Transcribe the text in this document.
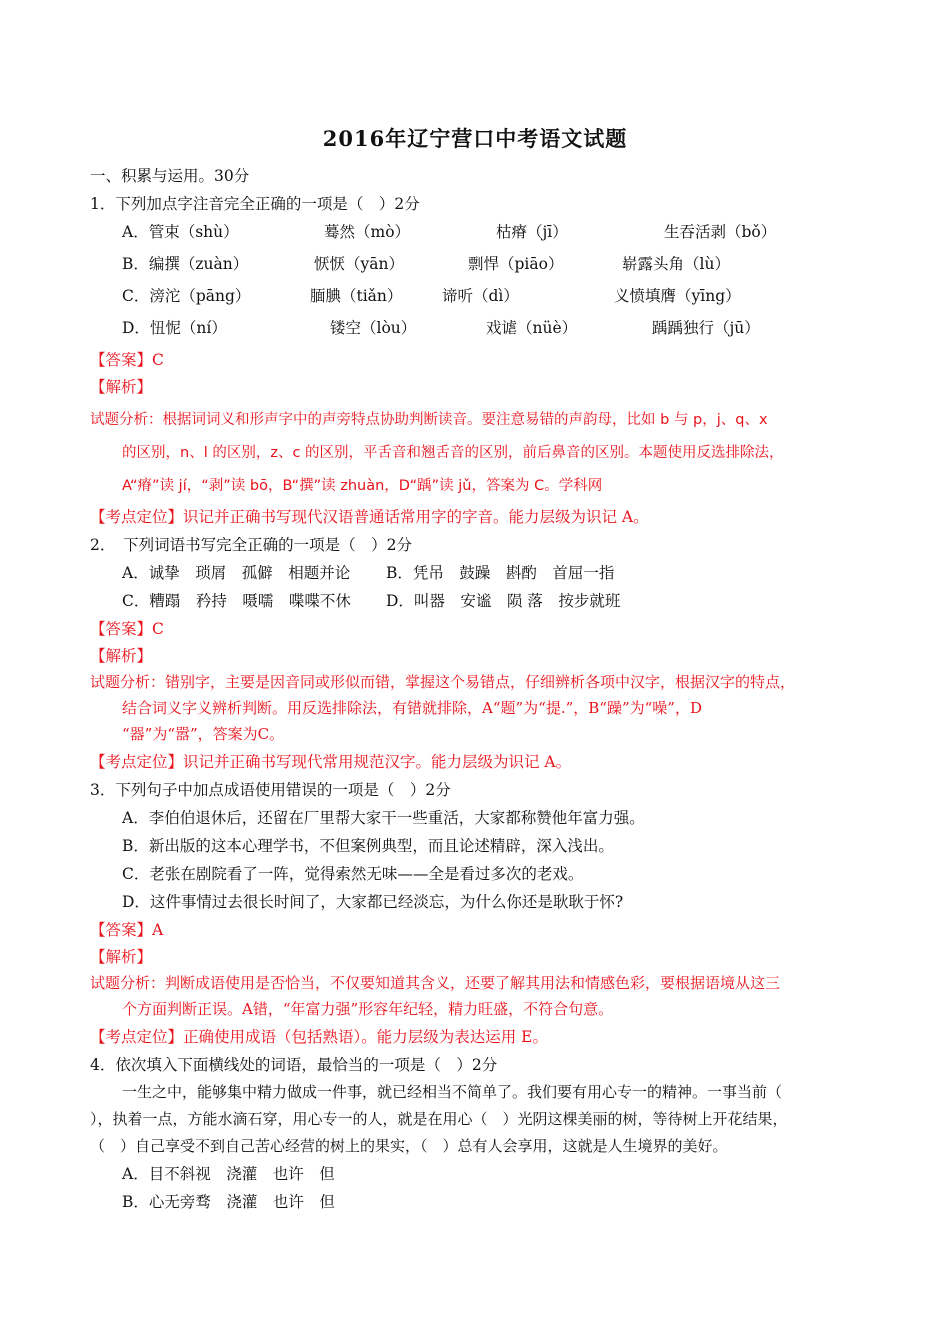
2016年辽宁营口中考语文试题
一、积累与运用。30分
1．下列加点字注音完全正确的一项是（　）2分
A．管束（shù）	蓦然（mò）	枯瘠（jī）	生吞活剥（bǒ）
B．编撰（zuàn）	恹恹（yān）	剽悍（piāo）	崭露头角（lù）
C．滂沱（pāng）	腼腆（tiǎn）	谛听（dì）	义愤填膺（yīng）
D．忸怩（ní）	镂空（lòu）	戏谑（nüè）	踽踽独行（jū）
【答案】C
【解析】
试题分析：根据词词义和形声字中的声旁特点协助判断读音。要注意易错的声韵母，比如 b 与 p，j、q、x
的区别，n、l 的区别，z、c 的区别，平舌音和翘舌音的区别，前后鼻音的区别。本题使用反选排除法，
A“瘠”读 jí，“剥”读 bō，B“撰”读 zhuàn，D“踽”读 jǔ，答案为 C。学科网
【考点定位】识记并正确书写现代汉语普通话常用字的字音。能力层级为识记 A。
2．　下列词语书写完全正确的一项是（　）2分
A．诚挚　琐屑　孤僻　相题并论 B．凭吊　鼓躁　斟酌　首屈一指
C．糟蹋　矜持　嗫嚅　喋喋不休 D．叫器　安谧　陨 落　按步就班
【答案】C
【解析】
试题分析：错别字，主要是因音同或形似而错，掌握这个易错点，仔细辨析各项中汉字，根据汉字的特点，
结合词义字义辨析判断。用反选排除法，有错就排除，A“题”为“提.”，B“躁”为“噪”，D
“器”为“嚣”，答案为C。
【考点定位】识记并正确书写现代常用规范汉字。能力层级为识记 A。
3．下列句子中加点成语使用错误的一项是（　）2分
A．李伯伯退休后，还留在厂里帮大家干一些重活，大家都称赞他年富力强。
B．新出版的这本心理学书，不但案例典型，而且论述精辟，深入浅出。
C．老张在剧院看了一阵，觉得索然无味——全是看过多次的老戏。
D．这件事情过去很长时间了，大家都已经淡忘，为什么你还是耿耿于怀?
【答案】A
【解析】
试题分析：判断成语使用是否恰当，不仅要知道其含义，还要了解其用法和情感色彩，要根据语境从这三
个方面判断正误。A错，“年富力强”形容年纪轻，精力旺盛，不符合句意。
【考点定位】正确使用成语（包括熟语）。能力层级为表达运用 E。
4．依次填入下面横线处的词语，最恰当的一项是（　）2分
一生之中，能够集中精力做成一件事，就已经相当不简单了。我们要有用心专一的精神。一事当前（
），执着一点，方能水滴石穿，用心专一的人，就是在用心（　）光阴这棵美丽的树，等待树上开花结果，
（　）自己享受不到自己苦心经营的树上的果实，（　）总有人会享用，这就是人生境界的美好。
A．目不斜视　浇灌　也许　但
B．心无旁骛　浇灌　也许　但
